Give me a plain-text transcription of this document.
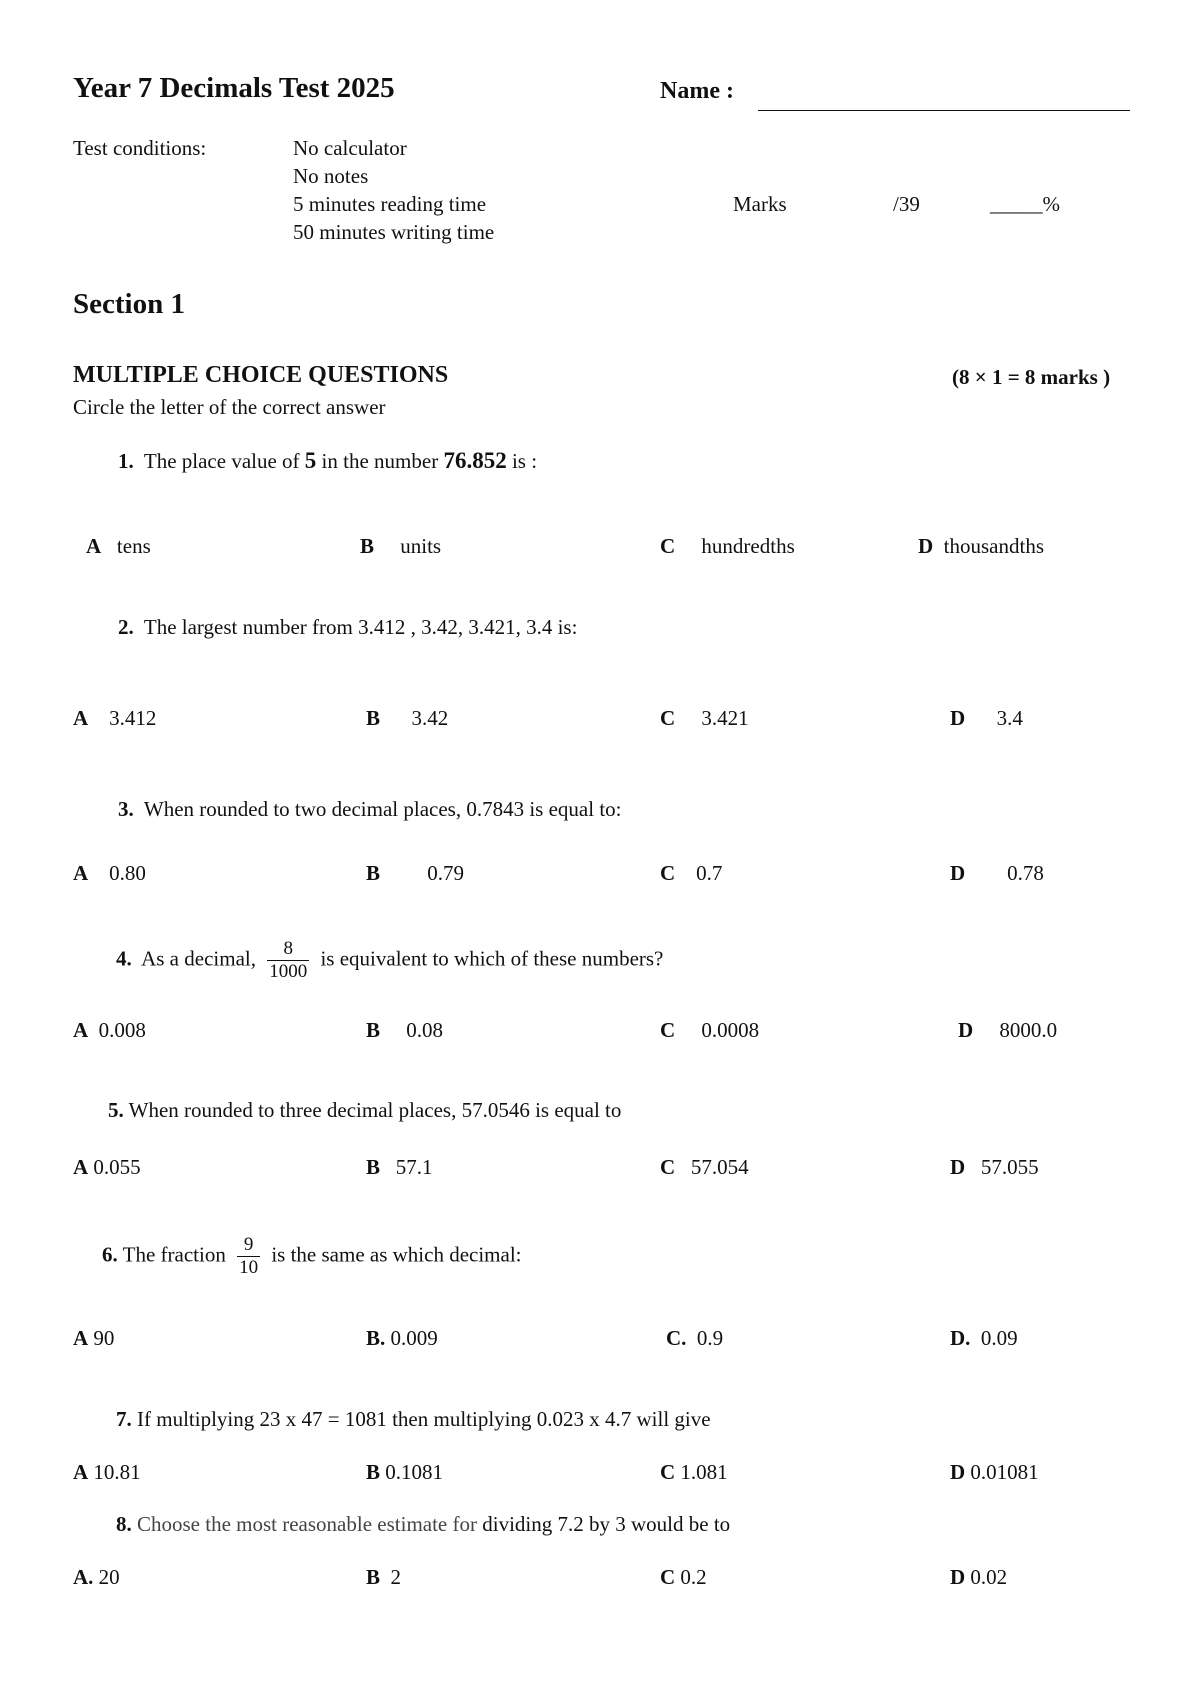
Year 7 Decimals Test 2025	Name :
Test conditions:	No calculator
No notes
5 minutes reading time
50 minutes writing time
Marks	/39	_____%
Section 1
MULTIPLE CHOICE QUESTIONS	(8 × 1 = 8 marks )
Circle the letter of the correct answer
1. The place value of 5 in the number 76.852 is :
A tens	B units	C hundredths	D thousandths
2. The largest number from 3.412 , 3.42, 3.421, 3.4 is:
A 3.412	B 3.42	C 3.421	D 3.4
3. When rounded to two decimal places, 0.7843 is equal to:
A 0.80	B 0.79	C 0.7	D 0.78
4. As a decimal, $\frac{8}{1000}$ is equivalent to which of these numbers?
A 0.008	B 0.08	C 0.0008	D 8000.0
5. When rounded to three decimal places, 57.0546 is equal to
A 0.055	B 57.1	C 57.054	D 57.055
6. The fraction $\frac{9}{10}$ is the same as which decimal:
A 90	B. 0.009	C. 0.9	D. 0.09
7. If multiplying 23 x 47 = 1081 then multiplying 0.023 x 4.7 will give
A 10.81	B 0.1081	C 1.081	D 0.01081
8. Choose the most reasonable estimate for dividing 7.2 by 3 would be to
A. 20	B 2	C 0.2	D 0.02
